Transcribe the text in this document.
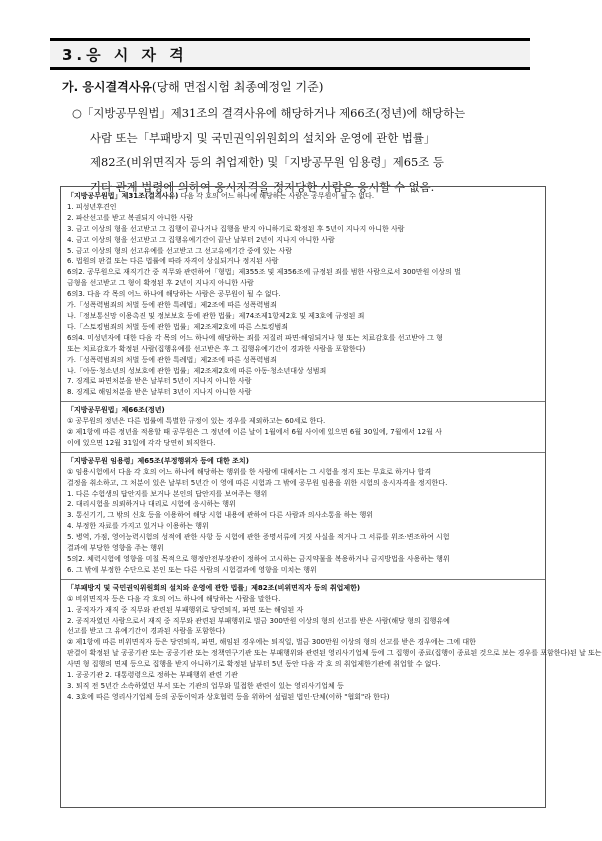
3.응 시 자 격
가. 응시결격사유(당해 면접시험 최종예정일 기준)
○「지방공무원법」제31조의 결격사유에 해당하거나 제66조(정년)에 해당하는
사람 또는「부패방지 및 국민권익위원회의 설치와 운영에 관한 법률」
제82조(비위면직자 등의 취업제한) 및「지방공무원 임용령」제65조 등
기타 관계 법령에 의하여 응시자격을 정지당한 사람은 응시할 수 없음.
「지방공무원법」제31조(결격사유) 다음 각 호의 어느 하나에 해당하는 사람은 공무원이 될 수 없다.
1. 피성년후견인
2. 파산선고를 받고 복권되지 아니한 사람
3. 금고 이상의 형을 선고받고 그 집행이 끝나거나 집행을 받지 아니하기로 확정된 후 5년이 지나지 아니한 사람
4. 금고 이상의 형을 선고받고 그 집행유예기간이 끝난 날부터 2년이 지나지 아니한 사람
5. 금고 이상의 형의 선고유예를 선고받고 그 선고유예기간 중에 있는 사람
6. 법원의 판결 또는 다른 법률에 따라 자격이 상실되거나 정지된 사람
6의2. 공무원으로 재직기간 중 직무와 관련하여「형법」제355조 및 제356조에 규정된 죄를 범한 사람으로서 300만원 이상의 벌
금형을 선고받고 그 형이 확정된 후 2년이 지나지 아니한 사람
6의3. 다음 각 목의 어느 하나에 해당하는 사람은 공무원이 될 수 없다.
가.「성폭력범죄의 처벌 등에 관한 특례법」제2조에 따른 성폭력범죄
나.「정보통신망 이용촉진 및 정보보호 등에 관한 법률」제74조제1항제2호 및 제3호에 규정된 죄
다.「스토킹범죄의 처벌 등에 관한 법률」제2조제2호에 따른 스토킹범죄
6의4. 미성년자에 대한 다음 각 목의 어느 하나에 해당하는 죄를 저질러 파면·해임되거나 형 또는 치료감호를 선고받아 그 형
또는 치료감호가 확정된 사람(집행유예를 선고받은 후 그 집행유예기간이 경과한 사람을 포함한다)
가.「성폭력범죄의 처벌 등에 관한 특례법」제2조에 따른 성폭력범죄
나.「아동·청소년의 성보호에 관한 법률」제2조제2호에 따른 아동·청소년대상 성범죄
7. 징계로 파면처분을 받은 날부터 5년이 지나지 아니한 사람
8. 징계로 해임처분을 받은 날부터 3년이 지나지 아니한 사람
「지방공무원법」제66조(정년)
① 공무원의 정년은 다른 법률에 특별한 규정이 있는 경우를 제외하고는 60세로 한다.
② 제1항에 따른 정년을 적용할 때 공무원은 그 정년에 이른 날이 1월에서 6월 사이에 있으면 6월 30일에, 7월에서 12월 사
이에 있으면 12월 31일에 각각 당연히 퇴직한다.
「지방공무원 임용령」제65조(부정행위자 등에 대한 조치)
① 임용시험에서 다음 각 호의 어느 하나에 해당하는 행위를 한 사람에 대해서는 그 시험을 정지 또는 무효로 하거나 합격
결정을 취소하고, 그 처분이 있은 날부터 5년간 이 영에 따른 시험과 그 밖에 공무원 임용을 위한 시험의 응시자격을 정지한다.
1. 다른 수험생의 답안지를 보거나 본인의 답안지를 보여주는 행위
2. 대리시험을 의뢰하거나 대리로 시험에 응시하는 행위
3. 통신기기, 그 밖의 신호 등을 이용하여 해당 시험 내용에 관하여 다른 사람과 의사소통을 하는 행위
4. 부정한 자료를 가지고 있거나 이용하는 행위
5. 병역, 가점, 영어능력시험의 성적에 관한 사항 등 시험에 관한 증명서류에 거짓 사실을 적거나 그 서류를 위조·변조하여 시험
결과에 부당한 영향을 주는 행위
5의2. 체력시험에 영향을 미칠 목적으로 행정안전부장관이 정하여 고시하는 금지약물을 복용하거나 금지방법을 사용하는 행위
6. 그 밖에 부정한 수단으로 본인 또는 다른 사람의 시험결과에 영향을 미치는 행위
「부패방지 및 국민권익위원회의 설치와 운영에 관한 법률」제82조(비위면직자 등의 취업제한)
① 비위면직자 등은 다음 각 호의 어느 하나에 해당하는 사람을 말한다.
1. 공직자가 재직 중 직무와 관련된 부패행위로 당연퇴직, 파면 또는 해임된 자
2. 공직자였던 사람으로서 재직 중 직무와 관련된 부패행위로 벌금 300만원 이상의 형의 선고를 받은 사람(해당 형의 집행유예
선고를 받고 그 유예기간이 경과된 사람을 포함한다)
② 제1항에 따른 비위면직자 등은 당연퇴직, 파면, 해임된 경우에는 퇴직일, 벌금 300만원 이상의 형의 선고를 받은 경우에는 그에 대한
판결이 확정된 날 공공기관 또는 공공기관 또는 정책연구기관 또는 부패행위와 관련된 영리사기업체 등에 그 집행이 종료(집행이 종료된 것으로 보는 경우를 포함한다)된 날 또는
사면 형 집행의 면제 등으로 집행을 받지 아니하기로 확정된 날부터 5년 동안 다음 각 호 의 취업제한기관에 취업할 수 없다.
1. 공공기관 2. 대통령령으로 정하는 부패행위 관련 기관
3. 퇴직 전 5년간 소속하였던 부서 또는 기관의 업무와 밀접한 관련이 있는 영리사기업체 등
4. 3호에 따른 영리사기업체 등의 공동이익과 상호협력 등을 위하여 설립된 법인·단체(이하 "협회"라 한다)
